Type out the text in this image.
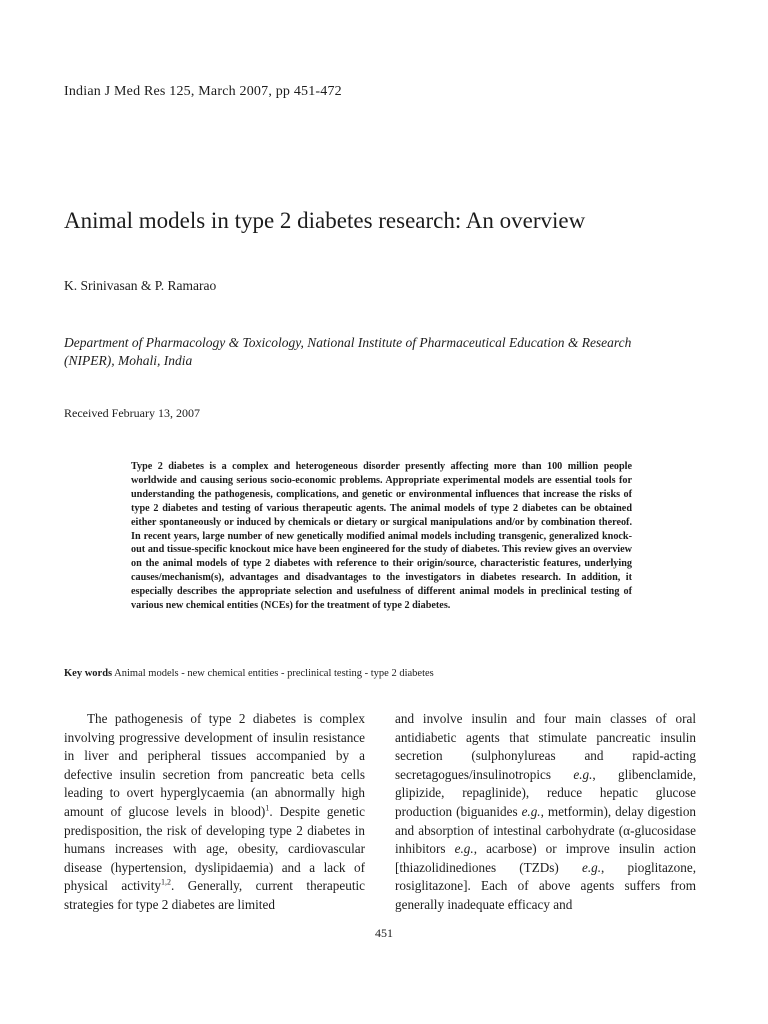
Indian J Med Res 125, March 2007, pp 451-472
Animal models in type 2 diabetes research: An overview
K. Srinivasan & P. Ramarao
Department of Pharmacology & Toxicology, National Institute of Pharmaceutical Education & Research (NIPER), Mohali, India
Received February 13, 2007
Type 2 diabetes is a complex and heterogeneous disorder presently affecting more than 100 million people worldwide and causing serious socio-economic problems. Appropriate experimental models are essential tools for understanding the pathogenesis, complications, and genetic or environmental influences that increase the risks of type 2 diabetes and testing of various therapeutic agents. The animal models of type 2 diabetes can be obtained either spontaneously or induced by chemicals or dietary or surgical manipulations and/or by combination thereof. In recent years, large number of new genetically modified animal models including transgenic, generalized knock-out and tissue-specific knockout mice have been engineered for the study of diabetes. This review gives an overview on the animal models of type 2 diabetes with reference to their origin/source, characteristic features, underlying causes/mechanism(s), advantages and disadvantages to the investigators in diabetes research. In addition, it especially describes the appropriate selection and usefulness of different animal models in preclinical testing of various new chemical entities (NCEs) for the treatment of type 2 diabetes.
Key words Animal models - new chemical entities - preclinical testing - type 2 diabetes

The pathogenesis of type 2 diabetes is complex involving progressive development of insulin resistance in liver and peripheral tissues accompanied by a defective insulin secretion from pancreatic beta cells leading to overt hyperglycaemia (an abnormally high amount of glucose levels in blood)$^1$. Despite genetic predisposition, the risk of developing type 2 diabetes in humans increases with age, obesity, cardiovascular disease (hypertension, dyslipidaemia) and a lack of physical activity$^{1,2}$. Generally, current therapeutic strategies for type 2 diabetes are limited

and involve insulin and four main classes of oral antidiabetic agents that stimulate pancreatic insulin secretion (sulphonylureas and rapid-acting secretagogues/insulinotropics e.g., glibenclamide, glipizide, repaglinide), reduce hepatic glucose production (biguanides e.g., metformin), delay digestion and absorption of intestinal carbohydrate (α-glucosidase inhibitors e.g., acarbose) or improve insulin action [thiazolidinediones (TZDs) e.g., pioglitazone, rosiglitazone]. Each of above agents suffers from generally inadequate efficacy and

451
